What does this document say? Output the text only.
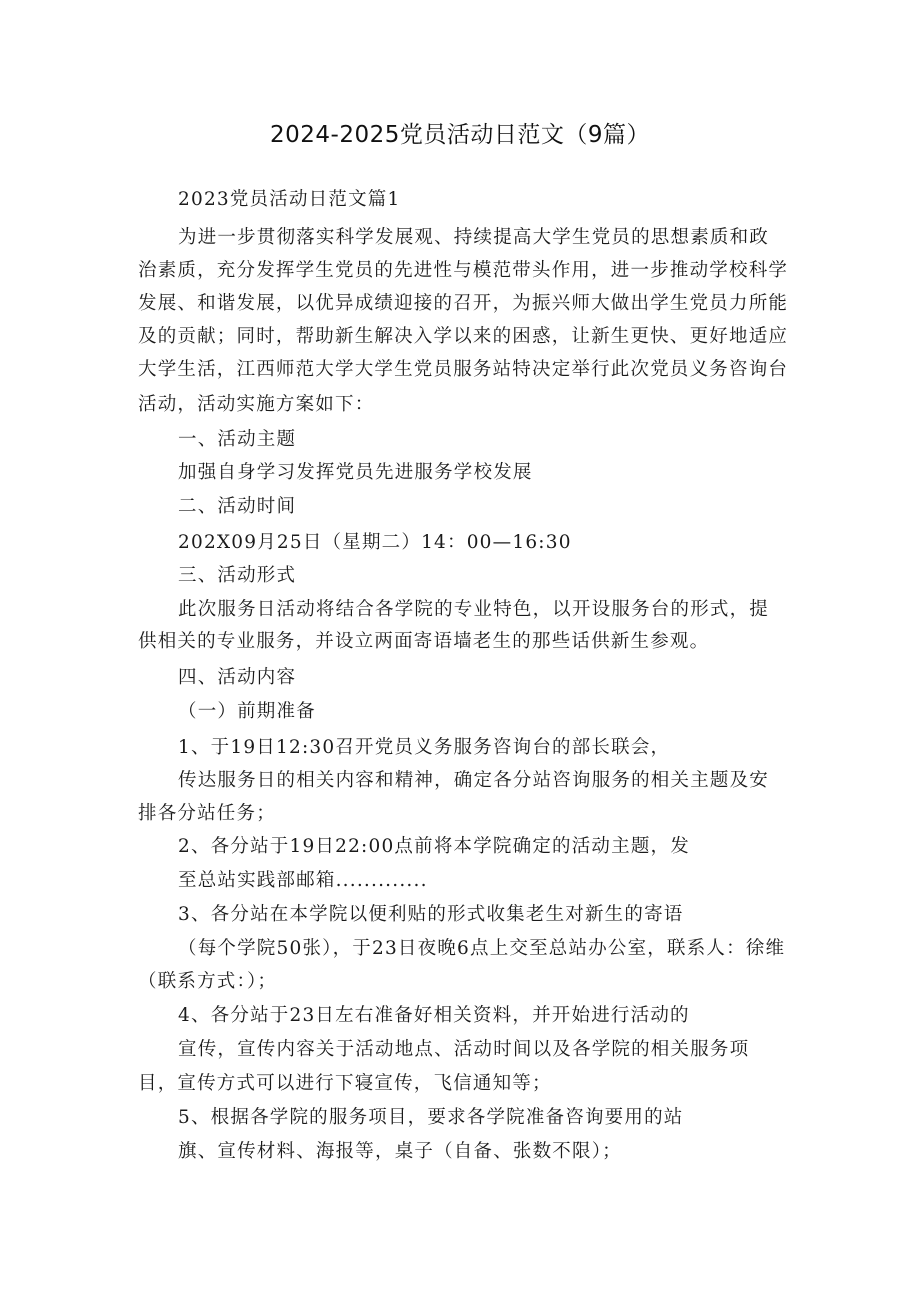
2024-2025党员活动日范文（9篇）
2023党员活动日范文篇1
为进一步贯彻落实科学发展观、持续提高大学生党员的思想素质和政
治素质，充分发挥学生党员的先进性与模范带头作用，进一步推动学校科学
发展、和谐发展，以优异成绩迎接的召开，为振兴师大做出学生党员力所能
及的贡献；同时，帮助新生解决入学以来的困惑，让新生更快、更好地适应
大学生活，江西师范大学大学生党员服务站特决定举行此次党员义务咨询台
活动，活动实施方案如下：
一、活动主题
加强自身学习发挥党员先进服务学校发展
二、活动时间
202X09月25日（星期二）14：00—16:30
三、活动形式
此次服务日活动将结合各学院的专业特色，以开设服务台的形式，提
供相关的专业服务，并设立两面寄语墙老生的那些话供新生参观。
四、活动内容
（一）前期准备
1、于19日12:30召开党员义务服务咨询台的部长联会，
传达服务日的相关内容和精神，确定各分站咨询服务的相关主题及安
排各分站任务；
2、各分站于19日22:00点前将本学院确定的活动主题，发
至总站实践部邮箱.............
3、各分站在本学院以便利贴的形式收集老生对新生的寄语
（每个学院50张），于23日夜晚6点上交至总站办公室，联系人：徐维
（联系方式：）；
4、各分站于23日左右准备好相关资料，并开始进行活动的
宣传，宣传内容关于活动地点、活动时间以及各学院的相关服务项
目，宣传方式可以进行下寝宣传，飞信通知等；
5、根据各学院的服务项目，要求各学院准备咨询要用的站
旗、宣传材料、海报等，桌子（自备、张数不限）；
